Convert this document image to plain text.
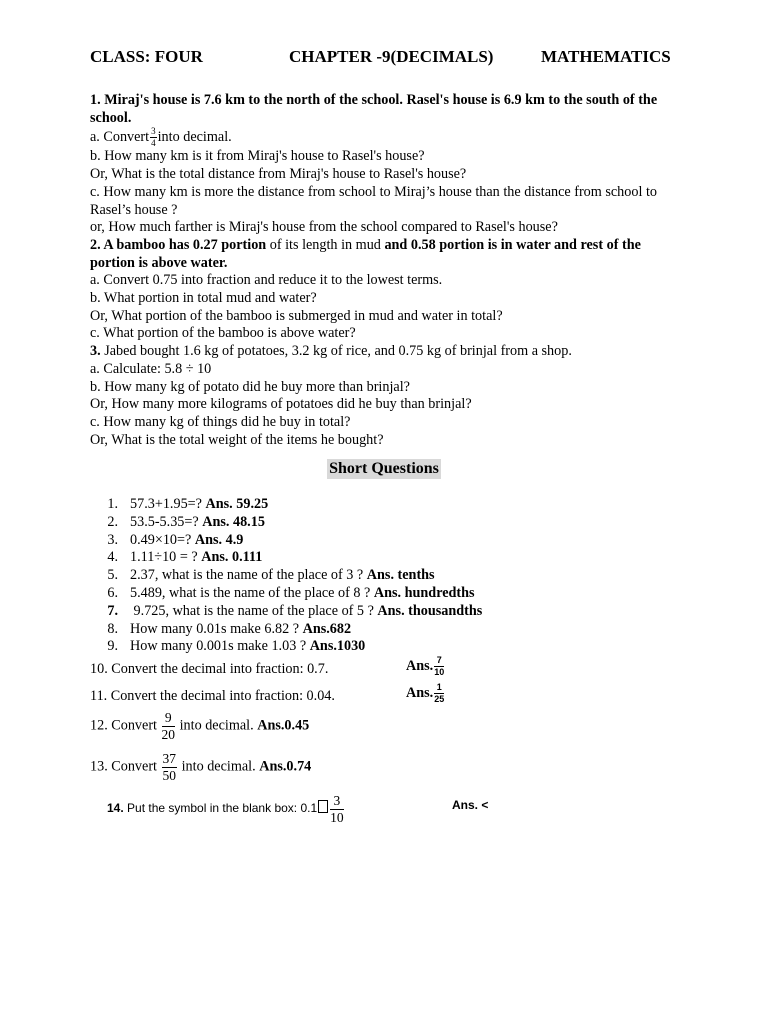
CLASS: FOUR	CHAPTER -9(DECIMALS)	MATHEMATICS

1. Miraj's house is 7.6 km to the north of the school. Rasel's house is 6.9 km to the south of the school.

a. Convert $\frac{3}{4}$ into decimal.

b. How many km is it from Miraj's house to Rasel's house?

Or, What is the total distance from Miraj's house to Rasel's house?

c. How many km is more the distance from school to Miraj’s house than the distance from school to Rasel’s house ?

or, How much farther is Miraj's house from the school compared to Rasel's house?

2. A bamboo has 0.27 portion of its length in mud and 0.58 portion is in water and rest of the portion is above water.

a. Convert 0.75 into fraction and reduce it to the lowest terms.

b. What portion in total mud and water?

Or, What portion of the bamboo is submerged in mud and water in total?

c. What portion of the bamboo is above water?

3. Jabed bought 1.6 kg of potatoes, 3.2 kg of rice, and 0.75 kg of brinjal from a shop.

a. Calculate: 5.8 ÷ 10

b. How many kg of potato did he buy more than brinjal?

Or, How many more kilograms of potatoes did he buy than brinjal?

c. How many kg of things did he buy in total?

Or, What is the total weight of the items he bought?

Short Questions
1. 57.3+1.95=? Ans. 59.25
2. 53.5-5.35=? Ans. 48.15
3. 0.49×10=? Ans. 4.9
4. 1.11÷10 = ? Ans. 0.111
5. 2.37, what is the name of the place of 3 ? Ans. tenths
6. 5.489, what is the name of the place of 8 ? Ans. hundredths
7. 9.725, what is the name of the place of 5 ? Ans. thousandths
8. How many 0.01s make 6.82 ? Ans.682
9. How many 0.001s make 1.03 ? Ans.1030
10. Convert the decimal into fraction: 0.7.	Ans. $\frac{7}{10}$
11. Convert the decimal into fraction: 0.04.	Ans. $\frac{1}{25}$
12. Convert $\frac{9}{20}$ into decimal. Ans.0.45
13. Convert $\frac{37}{50}$ into decimal. Ans.0.74
14. Put the symbol in the blank box: $0.1 \frac{3}{10}$	Ans. <
